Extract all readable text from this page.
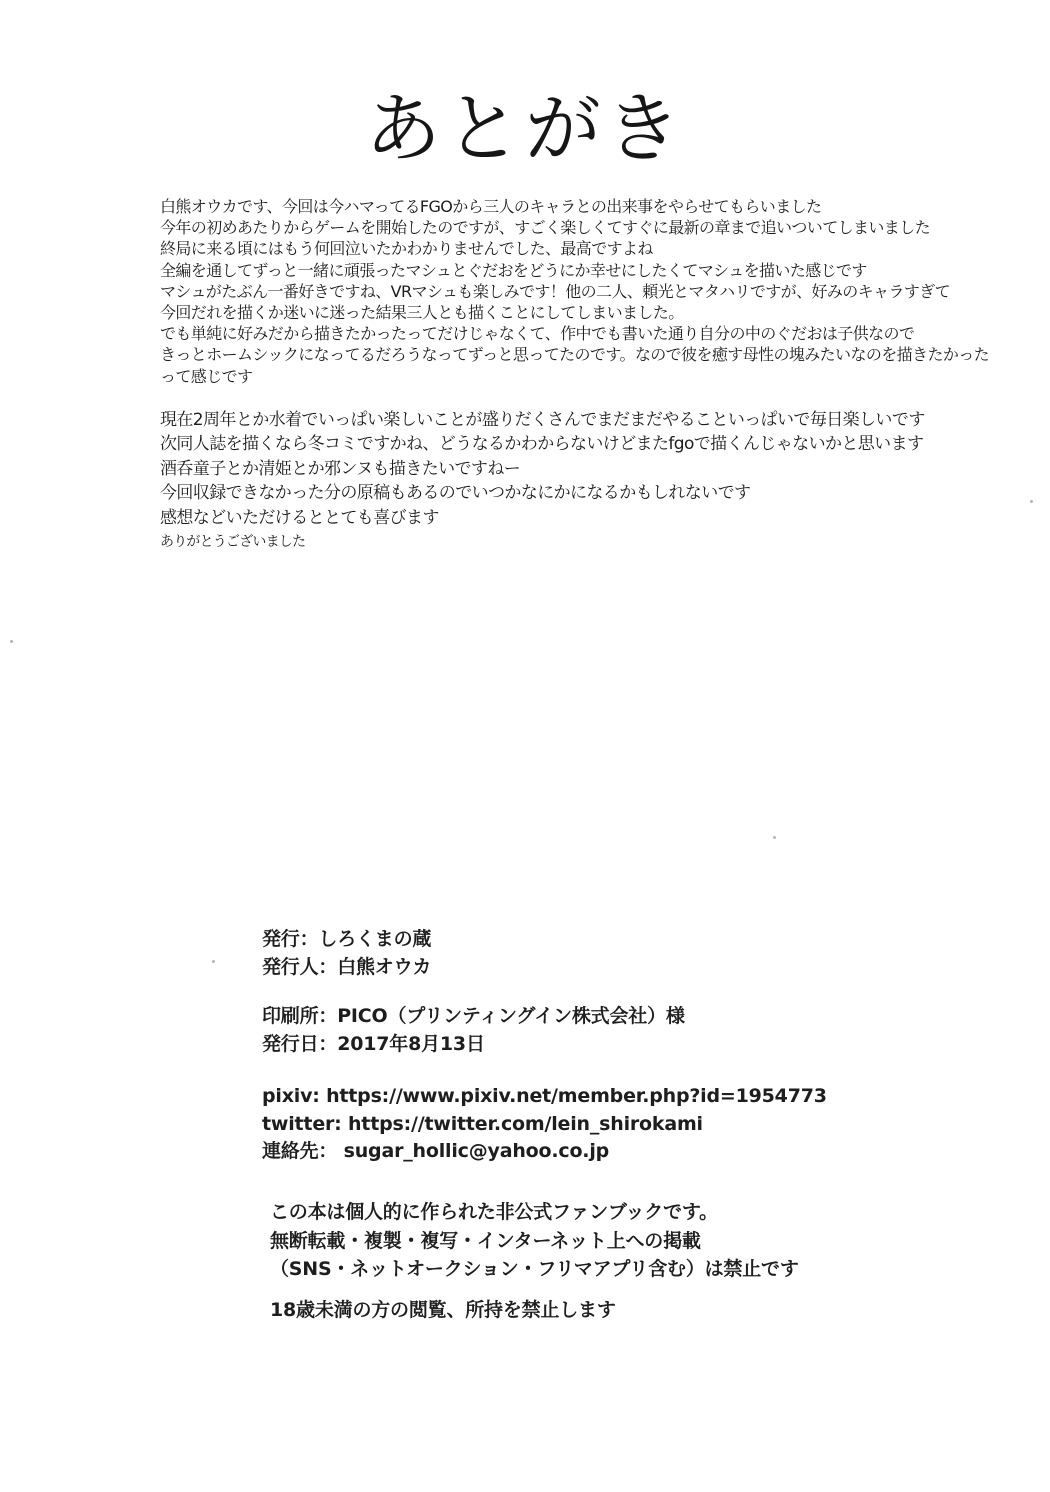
あとがき
白熊オウカです、今回は今ハマってるFGOから三人のキャラとの出来事をやらせてもらいました
今年の初めあたりからゲームを開始したのですが、すごく楽しくてすぐに最新の章まで追いついてしまいました
終局に来る頃にはもう何回泣いたかわかりませんでした、最高ですよね
全編を通してずっと一緒に頑張ったマシュとぐだおをどうにか幸せにしたくてマシュを描いた感じです
マシュがたぶん一番好きですね、VRマシュも楽しみです！他の二人、頼光とマタハリですが、好みのキャラすぎて
今回だれを描くか迷いに迷った結果三人とも描くことにしてしまいました。
でも単純に好みだから描きたかったってだけじゃなくて、作中でも書いた通り自分の中のぐだおは子供なので
きっとホームシックになってるだろうなってずっと思ってたのです。なので彼を癒す母性の塊みたいなのを描きたかった
って感じです
現在2周年とか水着でいっぱい楽しいことが盛りだくさんでまだまだやることいっぱいで毎日楽しいです
次同人誌を描くなら冬コミですかね、どうなるかわからないけどまたfgoで描くんじゃないかと思います
酒呑童子とか清姫とか邪ンヌも描きたいですねー
今回収録できなかった分の原稿もあるのでいつかなにかになるかもしれないです
感想などいただけるととても喜びます
ありがとうございました
発行：しろくまの蔵
発行人：白熊オウカ
印刷所：PICO（プリンティングイン株式会社）様
発行日：2017年8月13日
pixiv: https://www.pixiv.net/member.php?id=1954773
twitter: https://twitter.com/lein_shirokami
連絡先： sugar_hollic@yahoo.co.jp
この本は個人的に作られた非公式ファンブックです。
無断転載・複製・複写・インターネット上への掲載
（SNS・ネットオークション・フリマアプリ含む）は禁止です
18歳未満の方の閲覧、所持を禁止します
